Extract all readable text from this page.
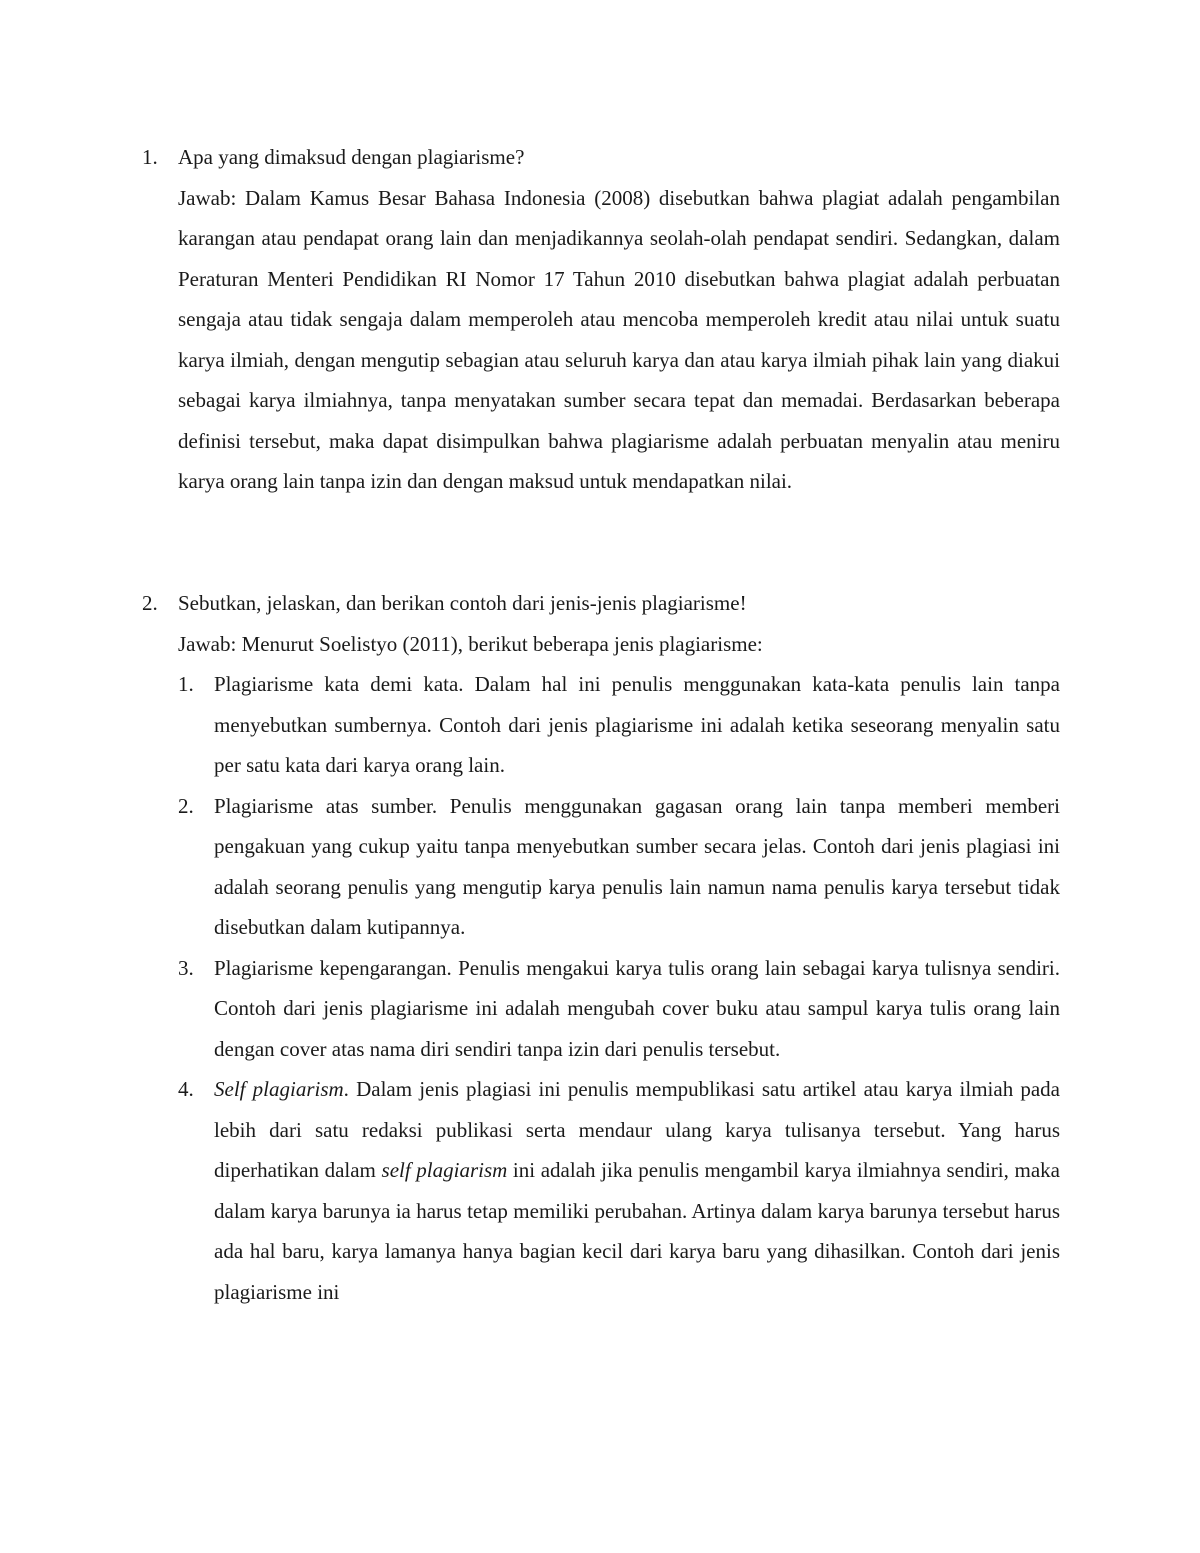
1. Apa yang dimaksud dengan plagiarisme?

Jawab: Dalam Kamus Besar Bahasa Indonesia (2008) disebutkan bahwa plagiat adalah pengambilan karangan atau pendapat orang lain dan menjadikannya seolah-olah pendapat sendiri. Sedangkan, dalam Peraturan Menteri Pendidikan RI Nomor 17 Tahun 2010 disebutkan bahwa plagiat adalah perbuatan sengaja atau tidak sengaja dalam memperoleh atau mencoba memperoleh kredit atau nilai untuk suatu karya ilmiah, dengan mengutip sebagian atau seluruh karya dan atau karya ilmiah pihak lain yang diakui sebagai karya ilmiahnya, tanpa menyatakan sumber secara tepat dan memadai. Berdasarkan beberapa definisi tersebut, maka dapat disimpulkan bahwa plagiarisme adalah perbuatan menyalin atau meniru karya orang lain tanpa izin dan dengan maksud untuk mendapatkan nilai.

2. Sebutkan, jelaskan, dan berikan contoh dari jenis-jenis plagiarisme!

Jawab: Menurut Soelistyo (2011), berikut beberapa jenis plagiarisme:

1. Plagiarisme kata demi kata. Dalam hal ini penulis menggunakan kata-kata penulis lain tanpa menyebutkan sumbernya. Contoh dari jenis plagiarisme ini adalah ketika seseorang menyalin satu per satu kata dari karya orang lain.

2. Plagiarisme atas sumber. Penulis menggunakan gagasan orang lain tanpa memberi memberi pengakuan yang cukup yaitu tanpa menyebutkan sumber secara jelas. Contoh dari jenis plagiasi ini adalah seorang penulis yang mengutip karya penulis lain namun nama penulis karya tersebut tidak disebutkan dalam kutipannya.

3. Plagiarisme kepengarangan. Penulis mengakui karya tulis orang lain sebagai karya tulisnya sendiri. Contoh dari jenis plagiarisme ini adalah mengubah cover buku atau sampul karya tulis orang lain dengan cover atas nama diri sendiri tanpa izin dari penulis tersebut.

4. Self plagiarism. Dalam jenis plagiasi ini penulis mempublikasi satu artikel atau karya ilmiah pada lebih dari satu redaksi publikasi serta mendaur ulang karya tulisanya tersebut. Yang harus diperhatikan dalam self plagiarism ini adalah jika penulis mengambil karya ilmiahnya sendiri, maka dalam karya barunya ia harus tetap memiliki perubahan. Artinya dalam karya barunya tersebut harus ada hal baru, karya lamanya hanya bagian kecil dari karya baru yang dihasilkan. Contoh dari jenis plagiarisme ini
